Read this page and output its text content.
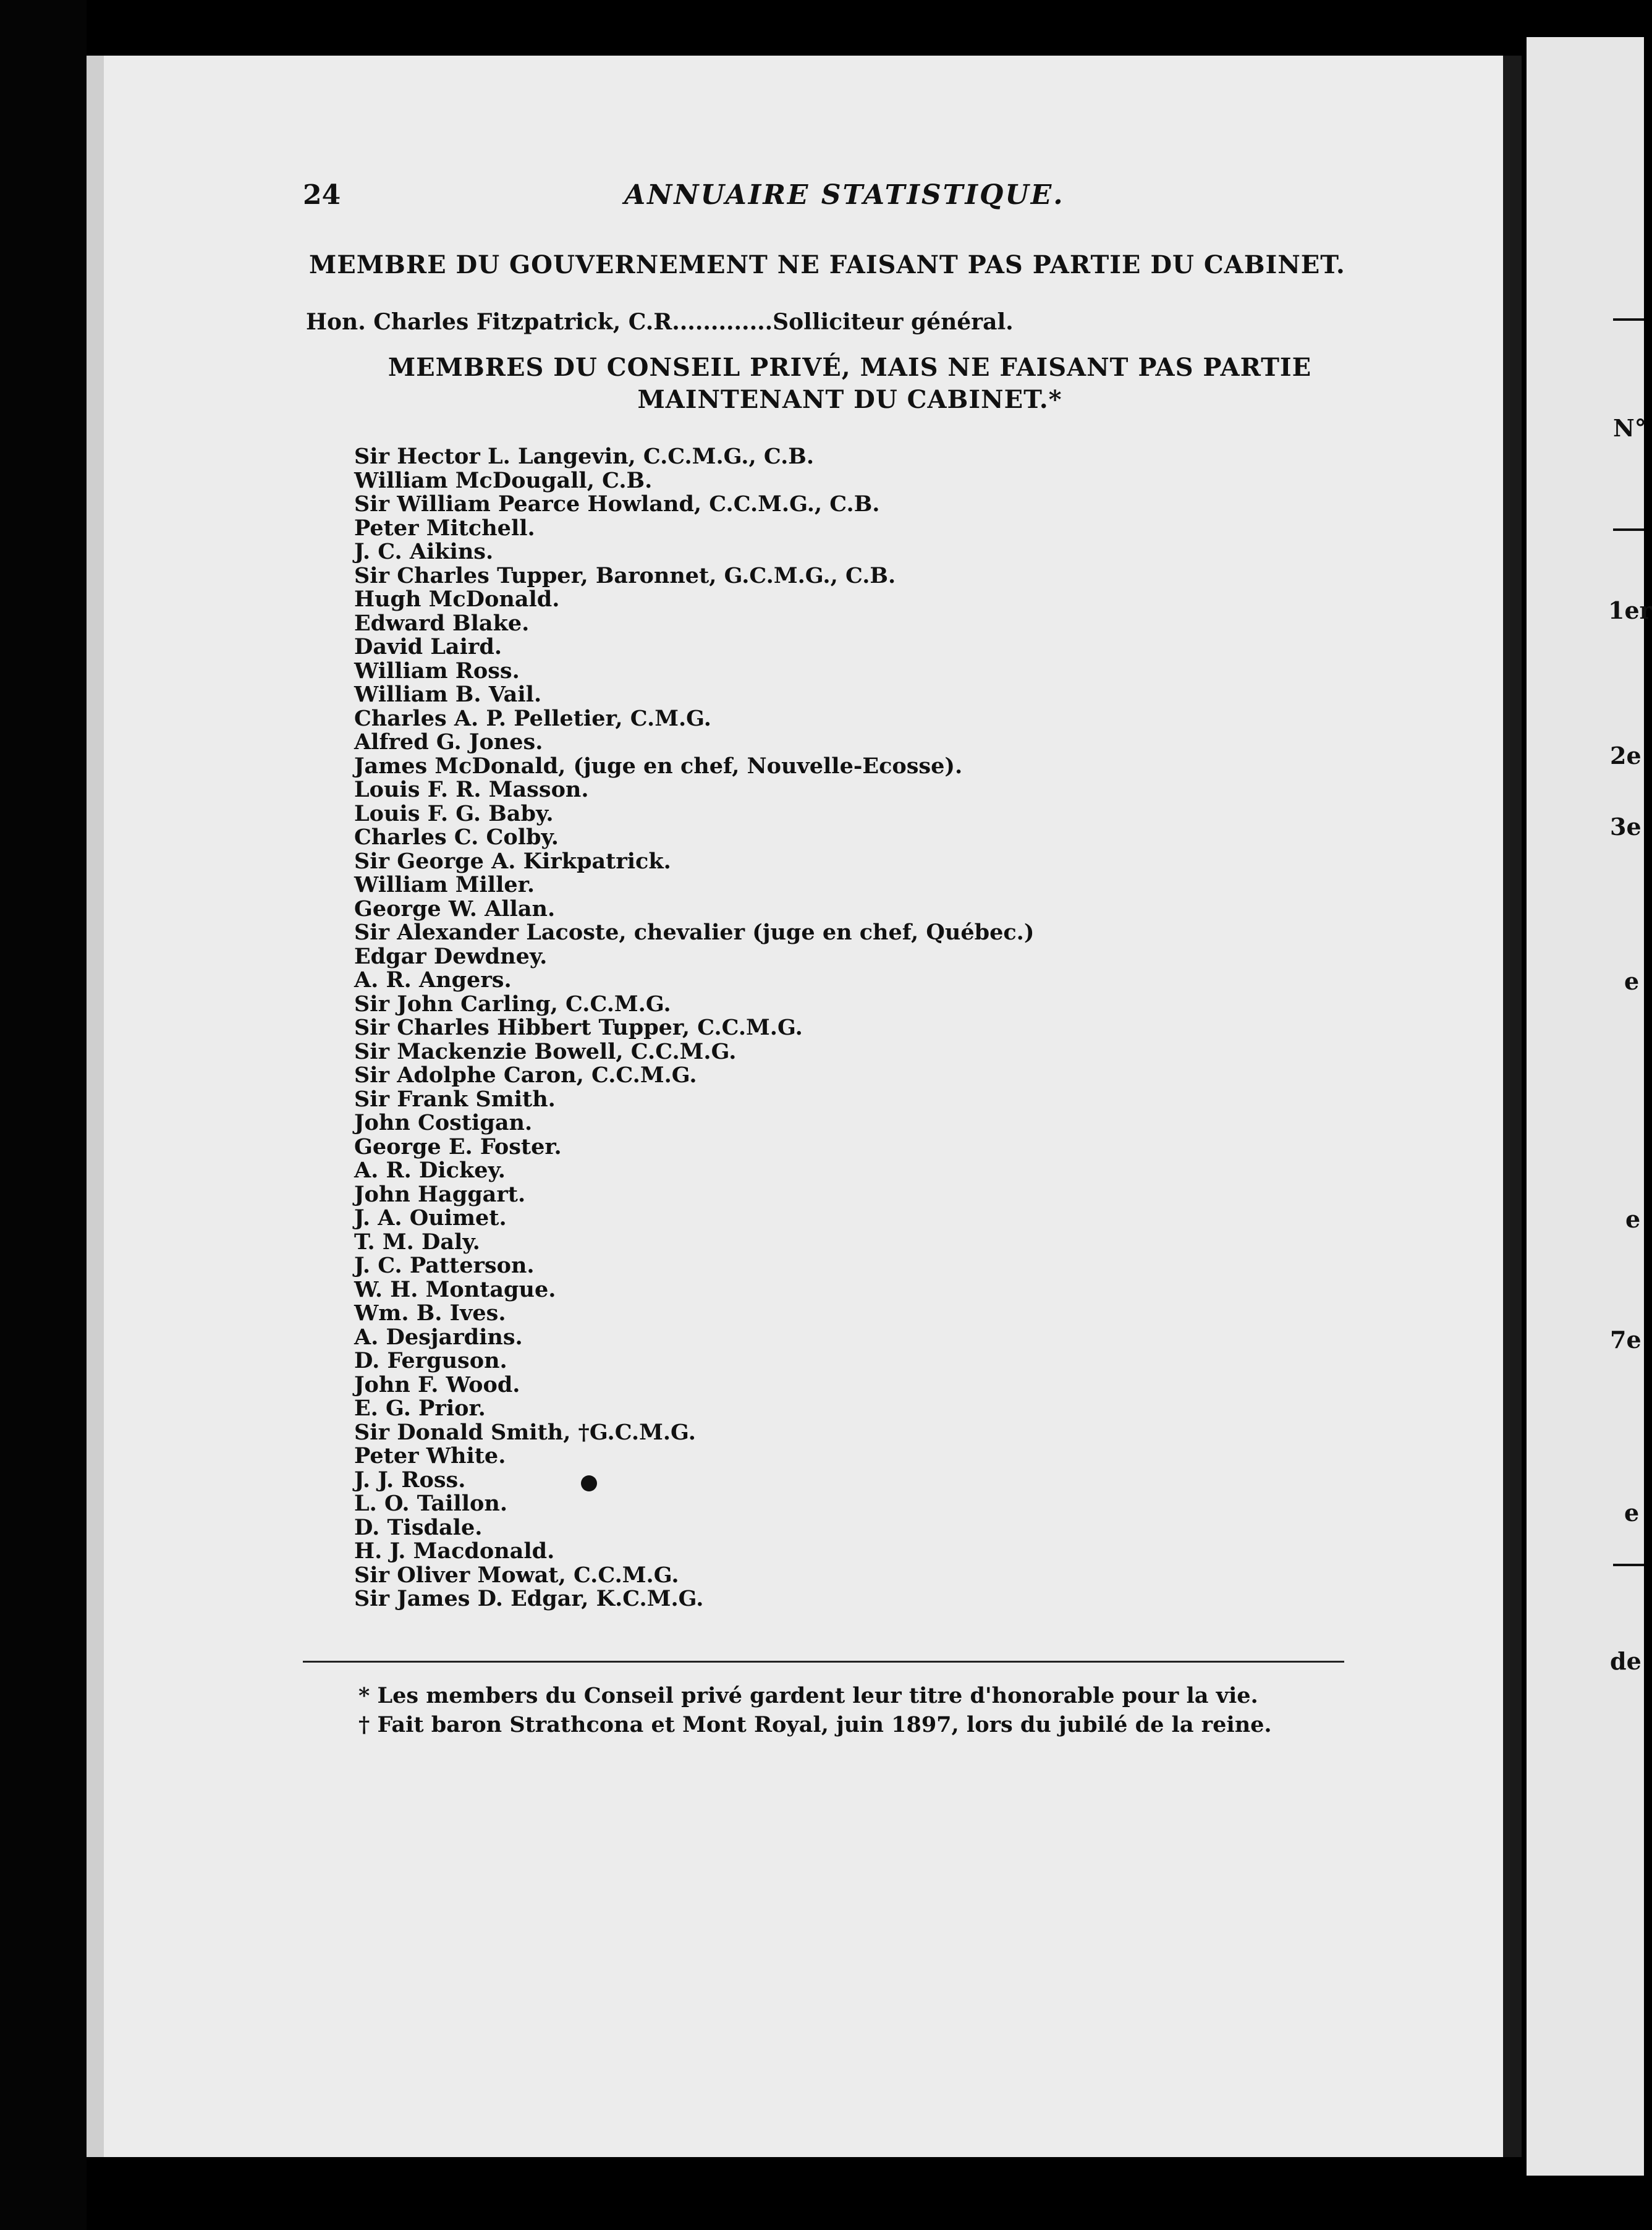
N°
1er
2e
3e
e
e
7e
e
de
24	ANNUAIRE STATISTIQUE.
MEMBRE DU GOUVERNEMENT NE FAISANT PAS PARTIE DU CABINET.
Hon. Charles Fitzpatrick, C.R.............Solliciteur général.
MEMBRES DU CONSEIL PRIVÉ, MAIS NE FAISANT PAS PARTIE
MAINTENANT DU CABINET.*
Sir Hector L. Langevin, C.C.M.G., C.B.
William McDougall, C.B.
Sir William Pearce Howland, C.C.M.G., C.B.
Peter Mitchell.
J. C. Aikins.
Sir Charles Tupper, Baronnet, G.C.M.G., C.B.
Hugh McDonald.
Edward Blake.
David Laird.
William Ross.
William B. Vail.
Charles A. P. Pelletier, C.M.G.
Alfred G. Jones.
James McDonald, (juge en chef, Nouvelle-Ecosse).
Louis F. R. Masson.
Louis F. G. Baby.
Charles C. Colby.
Sir George A. Kirkpatrick.
William Miller.
George W. Allan.
Sir Alexander Lacoste, chevalier (juge en chef, Québec.)
Edgar Dewdney.
A. R. Angers.
Sir John Carling, C.C.M.G.
Sir Charles Hibbert Tupper, C.C.M.G.
Sir Mackenzie Bowell, C.C.M.G.
Sir Adolphe Caron, C.C.M.G.
Sir Frank Smith.
John Costigan.
George E. Foster.
A. R. Dickey.
John Haggart.
J. A. Ouimet.
T. M. Daly.
J. C. Patterson.
W. H. Montague.
Wm. B. Ives.
A. Desjardins.
D. Ferguson.
John F. Wood.
E. G. Prior.
Sir Donald Smith, †G.C.M.G.
Peter White.
J. J. Ross.
L. O. Taillon.
D. Tisdale.
H. J. Macdonald.
Sir Oliver Mowat, C.C.M.G.
Sir James D. Edgar, K.C.M.G.
* Les members du Conseil privé gardent leur titre d'honorable pour la vie.
† Fait baron Strathcona et Mont Royal, juin 1897, lors du jubilé de la reine.
